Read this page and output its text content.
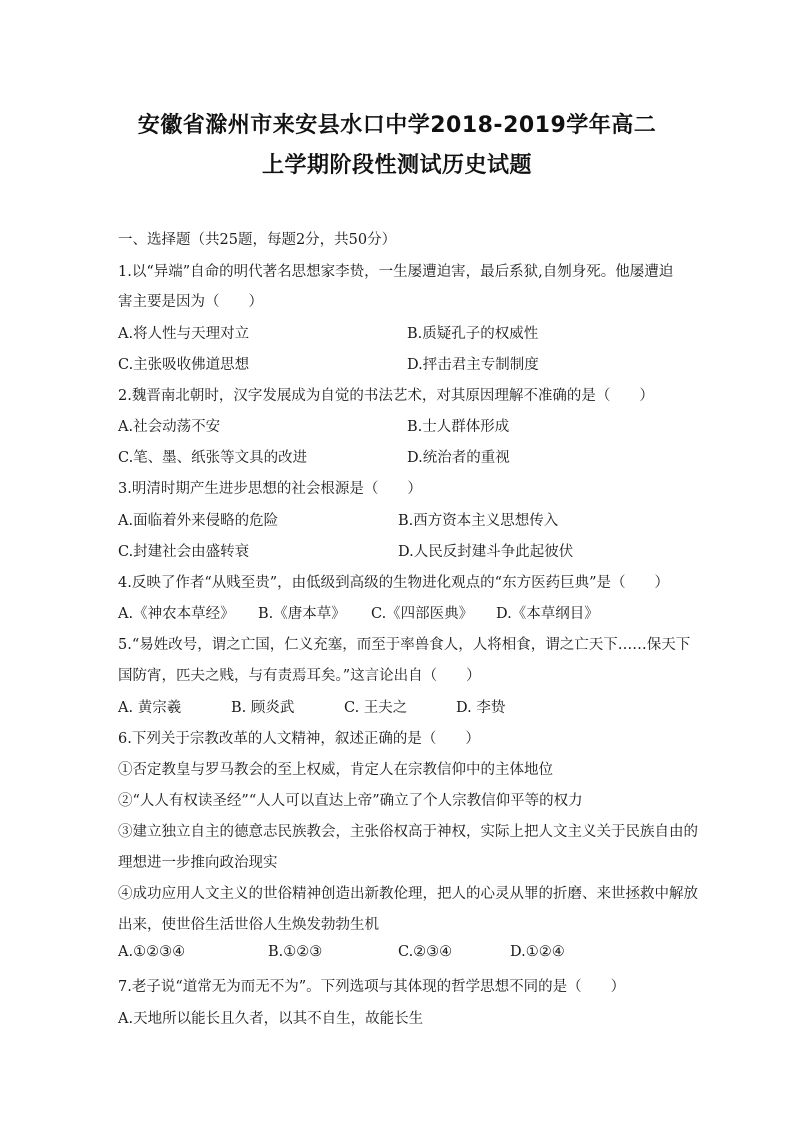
安徽省滁州市来安县水口中学2018-2019学年高二
上学期阶段性测试历史试题
一、选择题（共25题，每题2分，共50分）
1.以“异端”自命的明代著名思想家李贽，一生屡遭迫害，最后系狱,自刎身死。他屡遭迫
害主要是因为（　　）
A.将人性与天理对立	B.质疑孔子的权威性
C.主张吸收佛道思想	D.抨击君主专制制度
2.魏晋南北朝时，汉字发展成为自觉的书法艺术，对其原因理解不准确的是（　　）
A.社会动荡不安	B.士人群体形成
C.笔、墨、纸张等文具的改进	D.统治者的重视
3.明清时期产生进步思想的社会根源是（　　）
A.面临着外来侵略的危险	B.西方资本主义思想传入
C.封建社会由盛转衰	D.人民反封建斗争此起彼伏
4.反映了作者“从贱至贵”，由低级到高级的生物进化观点的“东方医药巨典”是（　　）
A.《神农本草经》 B.《唐本草》 C.《四部医典》 D.《本草纲目》
5.“易姓改号，谓之亡国，仁义充塞，而至于率兽食人，人将相食，谓之亡天下……保天下
国防宵，匹夫之贱，与有责焉耳矣。”这言论出自（　　）
A. 黄宗羲	B. 顾炎武	C. 王夫之	D. 李贽
6.下列关于宗教改革的人文精神，叙述正确的是（　　）
①否定教皇与罗马教会的至上权威，肯定人在宗教信仰中的主体地位
②“人人有权读圣经”“人人可以直达上帝”确立了个人宗教信仰平等的权力
③建立独立自主的德意志民族教会，主张俗权高于神权，实际上把人文主义关于民族自由的
理想进一步推向政治现实
④成功应用人文主义的世俗精神创造出新教伦理，把人的心灵从罪的折磨、来世拯救中解放
出来，使世俗生活世俗人生焕发勃勃生机
A.①②③④	B.①②③	C.②③④	D.①②④
7.老子说“道常无为而无不为”。下列选项与其体现的哲学思想不同的是（　　）
A.天地所以能长且久者，以其不自生，故能长生
